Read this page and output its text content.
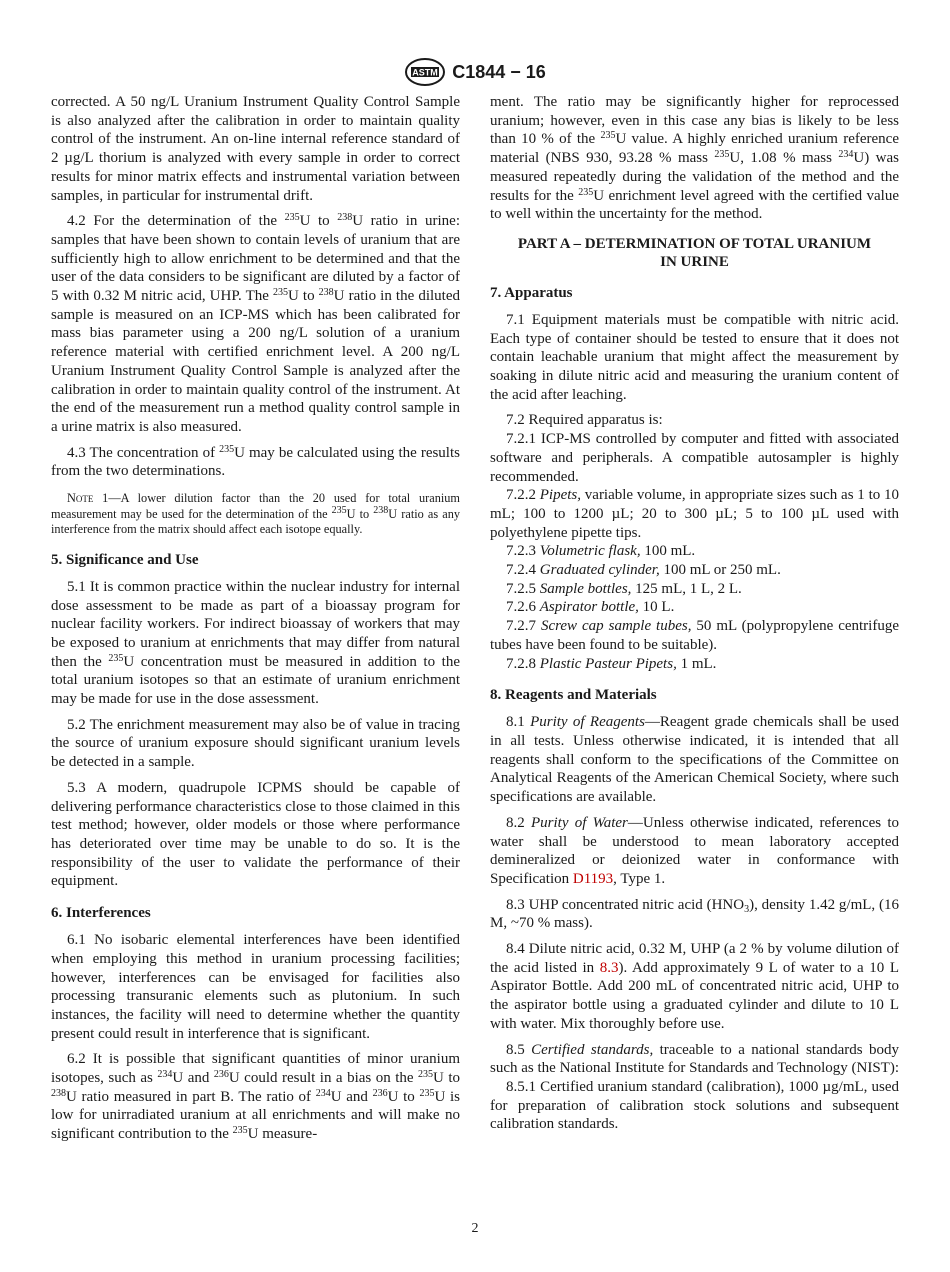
ASTM C1844 − 16

corrected. A 50 ng/L Uranium Instrument Quality Control Sample is also analyzed after the calibration in order to maintain quality control of the instrument. An on-line internal reference standard of 2 µg/L thorium is analyzed with every sample in order to correct results for minor matrix effects and instrumental variation between samples, in particular for instrumental drift.

4.2 For the determination of the $^{235}$U to $^{238}$U ratio in urine: samples that have been shown to contain levels of uranium that are sufficiently high to allow enrichment to be determined and that the user of the data considers to be significant are diluted by a factor of 5 with 0.32 M nitric acid, UHP. The $^{235}$U to $^{238}$U ratio in the diluted sample is measured on an ICP-MS which has been calibrated for mass bias parameter using a 200 ng/L solution of a uranium reference material with certified enrichment level. A 200 ng/L Uranium Instrument Quality Control Sample is analyzed after the calibration in order to maintain quality control of the instrument. At the end of the measurement run a method quality control sample in a urine matrix is also measured.

4.3 The concentration of $^{235}$U may be calculated using the results from the two determinations.

Note 1—A lower dilution factor than the 20 used for total uranium measurement may be used for the determination of the $^{235}$U to $^{238}$U ratio as any interference from the matrix should affect each isotope equally.

5. Significance and Use

5.1 It is common practice within the nuclear industry for internal dose assessment to be made as part of a bioassay program for nuclear facility workers. For indirect bioassay of workers that may be exposed to uranium at enrichments that may differ from natural then the $^{235}$U concentration must be measured in addition to the total uranium isotopes so that an estimate of uranium enrichment may be made for use in the dose assessment.

5.2 The enrichment measurement may also be of value in tracing the source of uranium exposure should significant uranium levels be detected in a sample.

5.3 A modern, quadrupole ICPMS should be capable of delivering performance characteristics close to those claimed in this test method; however, older models or those where performance has deteriorated over time may be unable to do so. It is the responsibility of the user to validate the performance of their equipment.

6. Interferences

6.1 No isobaric elemental interferences have been identified when employing this method in uranium processing facilities; however, interferences can be envisaged for facilities also processing transuranic elements such as plutonium. In such instances, the facility will need to determine whether the quantity present could result in interference that is significant.

6.2 It is possible that significant quantities of minor uranium isotopes, such as $^{234}$U and $^{236}$U could result in a bias on the $^{235}$U to $^{238}$U ratio measured in part B. The ratio of $^{234}$U and $^{236}$U to $^{235}$U is low for unirradiated uranium at all enrichments and will make no significant contribution to the $^{235}$U measure-

ment. The ratio may be significantly higher for reprocessed uranium; however, even in this case any bias is likely to be less than 10 % of the $^{235}$U value. A highly enriched uranium reference material (NBS 930, 93.28 % mass $^{235}$U, 1.08 % mass $^{234}$U) was measured repeatedly during the validation of the method and the results for the $^{235}$U enrichment level agreed with the certified value to well within the uncertainty for the method.

PART A – DETERMINATION OF TOTAL URANIUM
IN URINE
7. Apparatus

7.1 Equipment materials must be compatible with nitric acid. Each type of container should be tested to ensure that it does not contain leachable uranium that might affect the measurement by soaking in dilute nitric acid and measuring the uranium content of the acid after leaching.

7.2 Required apparatus is:

7.2.1 ICP-MS controlled by computer and fitted with associated software and peripherals. A compatible autosampler is highly recommended.

7.2.2 Pipets, variable volume, in appropriate sizes such as 1 to 10 mL; 100 to 1200 µL; 20 to 300 µL; 5 to 100 µL used with polyethylene pipette tips.

7.2.3 Volumetric flask, 100 mL.

7.2.4 Graduated cylinder, 100 mL or 250 mL.

7.2.5 Sample bottles, 125 mL, 1 L, 2 L.

7.2.6 Aspirator bottle, 10 L.

7.2.7 Screw cap sample tubes, 50 mL (polypropylene centrifuge tubes have been found to be suitable).

7.2.8 Plastic Pasteur Pipets, 1 mL.

8. Reagents and Materials

8.1 Purity of Reagents—Reagent grade chemicals shall be used in all tests. Unless otherwise indicated, it is intended that all reagents shall conform to the specifications of the Committee on Analytical Reagents of the American Chemical Society, where such specifications are available.

8.2 Purity of Water—Unless otherwise indicated, references to water shall be understood to mean laboratory accepted demineralized or deionized water in conformance with Specification D1193, Type 1.

8.3 UHP concentrated nitric acid $(HNO_3)$, density 1.42 g/mL, (16 M, ~70 % mass).

8.4 Dilute nitric acid, 0.32 M, UHP (a 2 % by volume dilution of the acid listed in 8.3). Add approximately 9 L of water to a 10 L Aspirator Bottle. Add 200 mL of concentrated nitric acid, UHP to the aspirator bottle using a graduated cylinder and dilute to 10 L with water. Mix thoroughly before use.

8.5 Certified standards, traceable to a national standards body such as the National Institute for Standards and Technology (NIST):

8.5.1 Certified uranium standard (calibration), 1000 µg/mL, used for preparation of calibration stock solutions and subsequent calibration standards.

2
